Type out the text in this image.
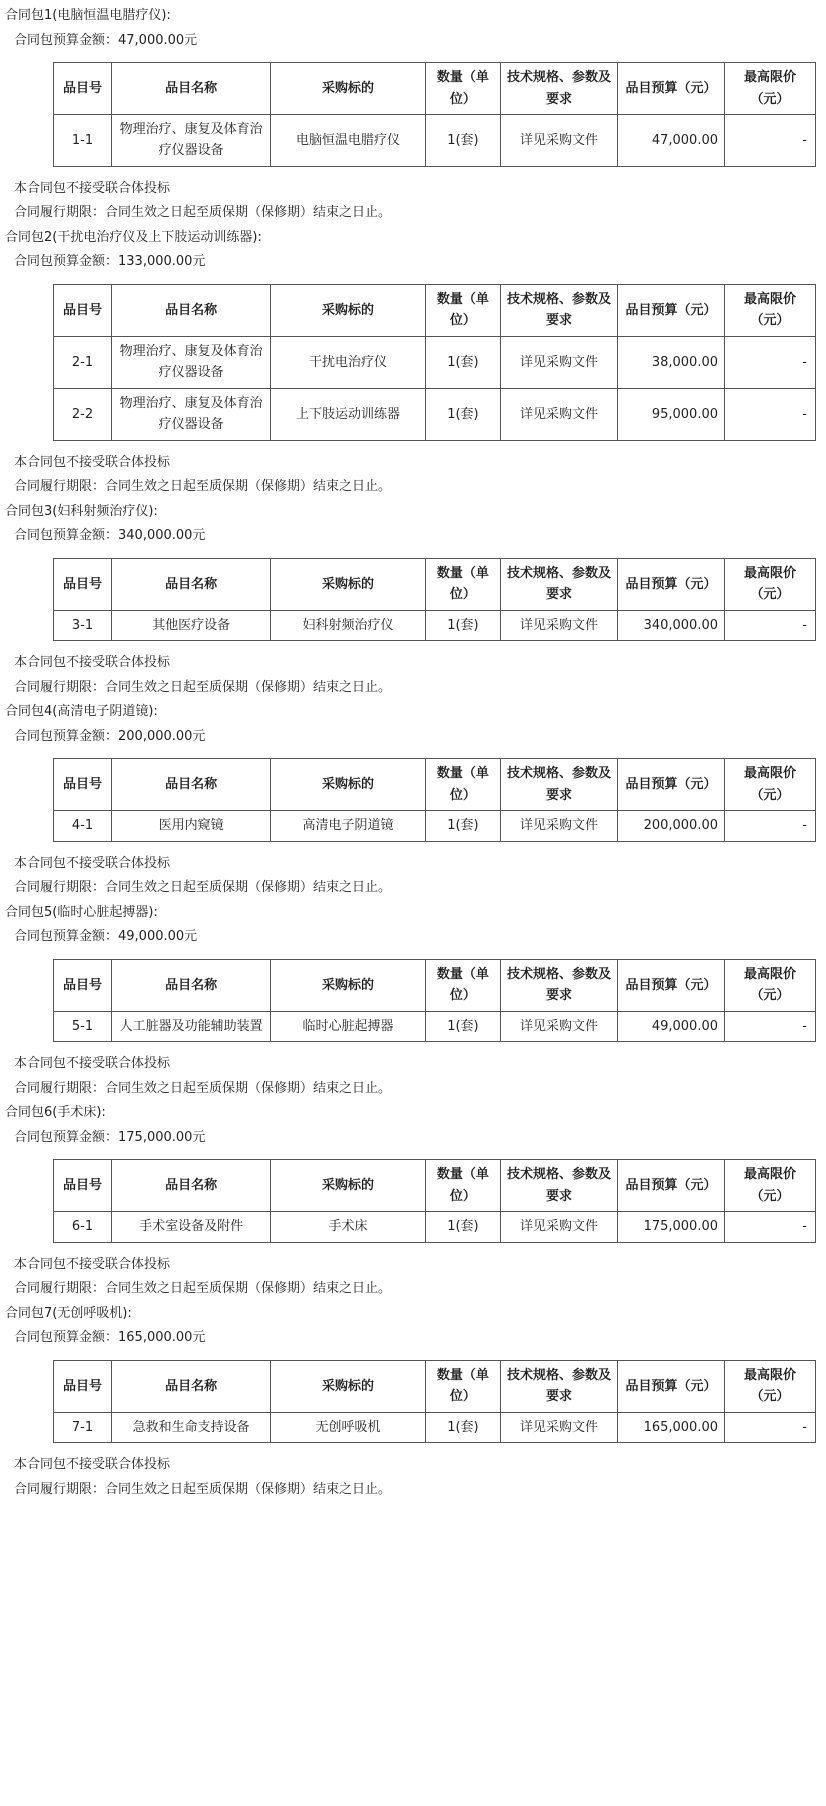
合同包1(电脑恒温电腊疗仪):
合同包预算金额：47,000.00元
品目号	品目名称	采购标的	数量（单位）	技术规格、参数及要求	品目预算（元）	最高限价（元）
1-1	物理治疗、康复及体育治疗仪器设备	电脑恒温电腊疗仪	1(套)	详见采购文件	47,000.00	-
本合同包不接受联合体投标
合同履行期限：合同生效之日起至质保期（保修期）结束之日止。
合同包2(干扰电治疗仪及上下肢运动训练器):
合同包预算金额：133,000.00元
品目号	品目名称	采购标的	数量（单位）	技术规格、参数及要求	品目预算（元）	最高限价（元）
2-1	物理治疗、康复及体育治疗仪器设备	干扰电治疗仪	1(套)	详见采购文件	38,000.00	-
2-2	物理治疗、康复及体育治疗仪器设备	上下肢运动训练器	1(套)	详见采购文件	95,000.00	-
本合同包不接受联合体投标
合同履行期限：合同生效之日起至质保期（保修期）结束之日止。
合同包3(妇科射频治疗仪):
合同包预算金额：340,000.00元
品目号	品目名称	采购标的	数量（单位）	技术规格、参数及要求	品目预算（元）	最高限价（元）
3-1	其他医疗设备	妇科射频治疗仪	1(套)	详见采购文件	340,000.00	-
本合同包不接受联合体投标
合同履行期限：合同生效之日起至质保期（保修期）结束之日止。
合同包4(高清电子阴道镜):
合同包预算金额：200,000.00元
品目号	品目名称	采购标的	数量（单位）	技术规格、参数及要求	品目预算（元）	最高限价（元）
4-1	医用内窥镜	高清电子阴道镜	1(套)	详见采购文件	200,000.00	-
本合同包不接受联合体投标
合同履行期限：合同生效之日起至质保期（保修期）结束之日止。
合同包5(临时心脏起搏器):
合同包预算金额：49,000.00元
品目号	品目名称	采购标的	数量（单位）	技术规格、参数及要求	品目预算（元）	最高限价（元）
5-1	人工脏器及功能辅助装置	临时心脏起搏器	1(套)	详见采购文件	49,000.00	-
本合同包不接受联合体投标
合同履行期限：合同生效之日起至质保期（保修期）结束之日止。
合同包6(手术床):
合同包预算金额：175,000.00元
品目号	品目名称	采购标的	数量（单位）	技术规格、参数及要求	品目预算（元）	最高限价（元）
6-1	手术室设备及附件	手术床	1(套)	详见采购文件	175,000.00	-
本合同包不接受联合体投标
合同履行期限：合同生效之日起至质保期（保修期）结束之日止。
合同包7(无创呼吸机):
合同包预算金额：165,000.00元
品目号	品目名称	采购标的	数量（单位）	技术规格、参数及要求	品目预算（元）	最高限价（元）
7-1	急救和生命支持设备	无创呼吸机	1(套)	详见采购文件	165,000.00	-
本合同包不接受联合体投标
合同履行期限：合同生效之日起至质保期（保修期）结束之日止。
